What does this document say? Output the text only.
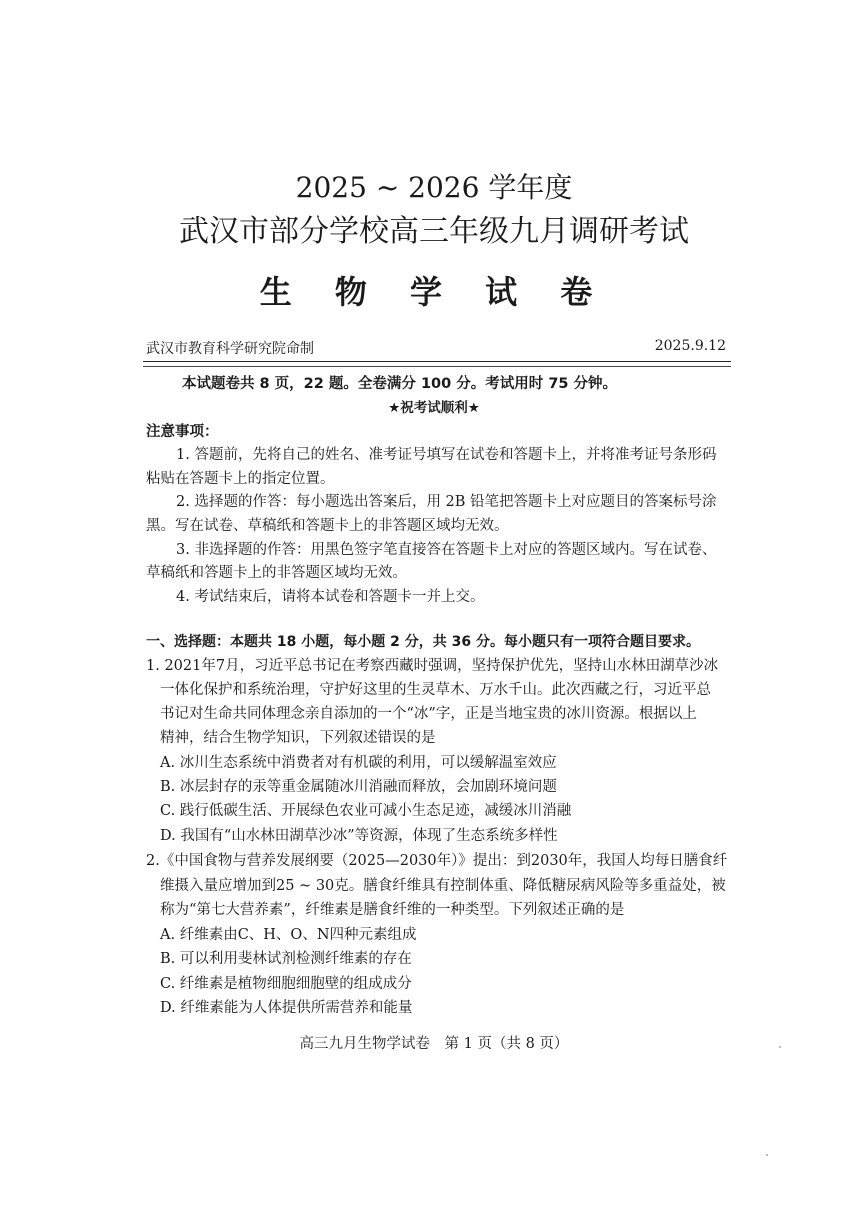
2025 ~ 2026 学年度
武汉市部分学校高三年级九月调研考试
生 物 学 试 卷
武汉市教育科学研究院命制	2025.9.12
本试题卷共 8 页，22 题。全卷满分 100 分。考试用时 75 分钟。
★祝考试顺利★
注意事项：
1. 答题前，先将自己的姓名、准考证号填写在试卷和答题卡上，并将准考证号条形码
粘贴在答题卡上的指定位置。
2. 选择题的作答：每小题选出答案后，用 2B 铅笔把答题卡上对应题目的答案标号涂
黑。写在试卷、草稿纸和答题卡上的非答题区域均无效。
3. 非选择题的作答：用黑色签字笔直接答在答题卡上对应的答题区域内。写在试卷、
草稿纸和答题卡上的非答题区域均无效。
4. 考试结束后，请将本试卷和答题卡一并上交。
一、选择题：本题共 18 小题，每小题 2 分，共 36 分。每小题只有一项符合题目要求。
1. 2021年7月，习近平总书记在考察西藏时强调，坚持保护优先，坚持山水林田湖草沙冰
一体化保护和系统治理，守护好这里的生灵草木、万水千山。此次西藏之行，习近平总
书记对生命共同体理念亲自添加的一个“冰”字，正是当地宝贵的冰川资源。根据以上
精神，结合生物学知识，下列叙述错误的是
A. 冰川生态系统中消费者对有机碳的利用，可以缓解温室效应
B. 冰层封存的汞等重金属随冰川消融而释放，会加剧环境问题
C. 践行低碳生活、开展绿色农业可减小生态足迹，减缓冰川消融
D. 我国有“山水林田湖草沙冰”等资源，体现了生态系统多样性
2.《中国食物与营养发展纲要（2025—2030年）》提出：到2030年，我国人均每日膳食纤
维摄入量应增加到25 ~ 30克。膳食纤维具有控制体重、降低糖尿病风险等多重益处，被
称为“第七大营养素”，纤维素是膳食纤维的一种类型。下列叙述正确的是
A. 纤维素由C、H、O、N四种元素组成
B. 可以利用斐林试剂检测纤维素的存在
C. 纤维素是植物细胞细胞壁的组成成分
D. 纤维素能为人体提供所需营养和能量
高三九月生物学试卷　第 1 页（共 8 页）
